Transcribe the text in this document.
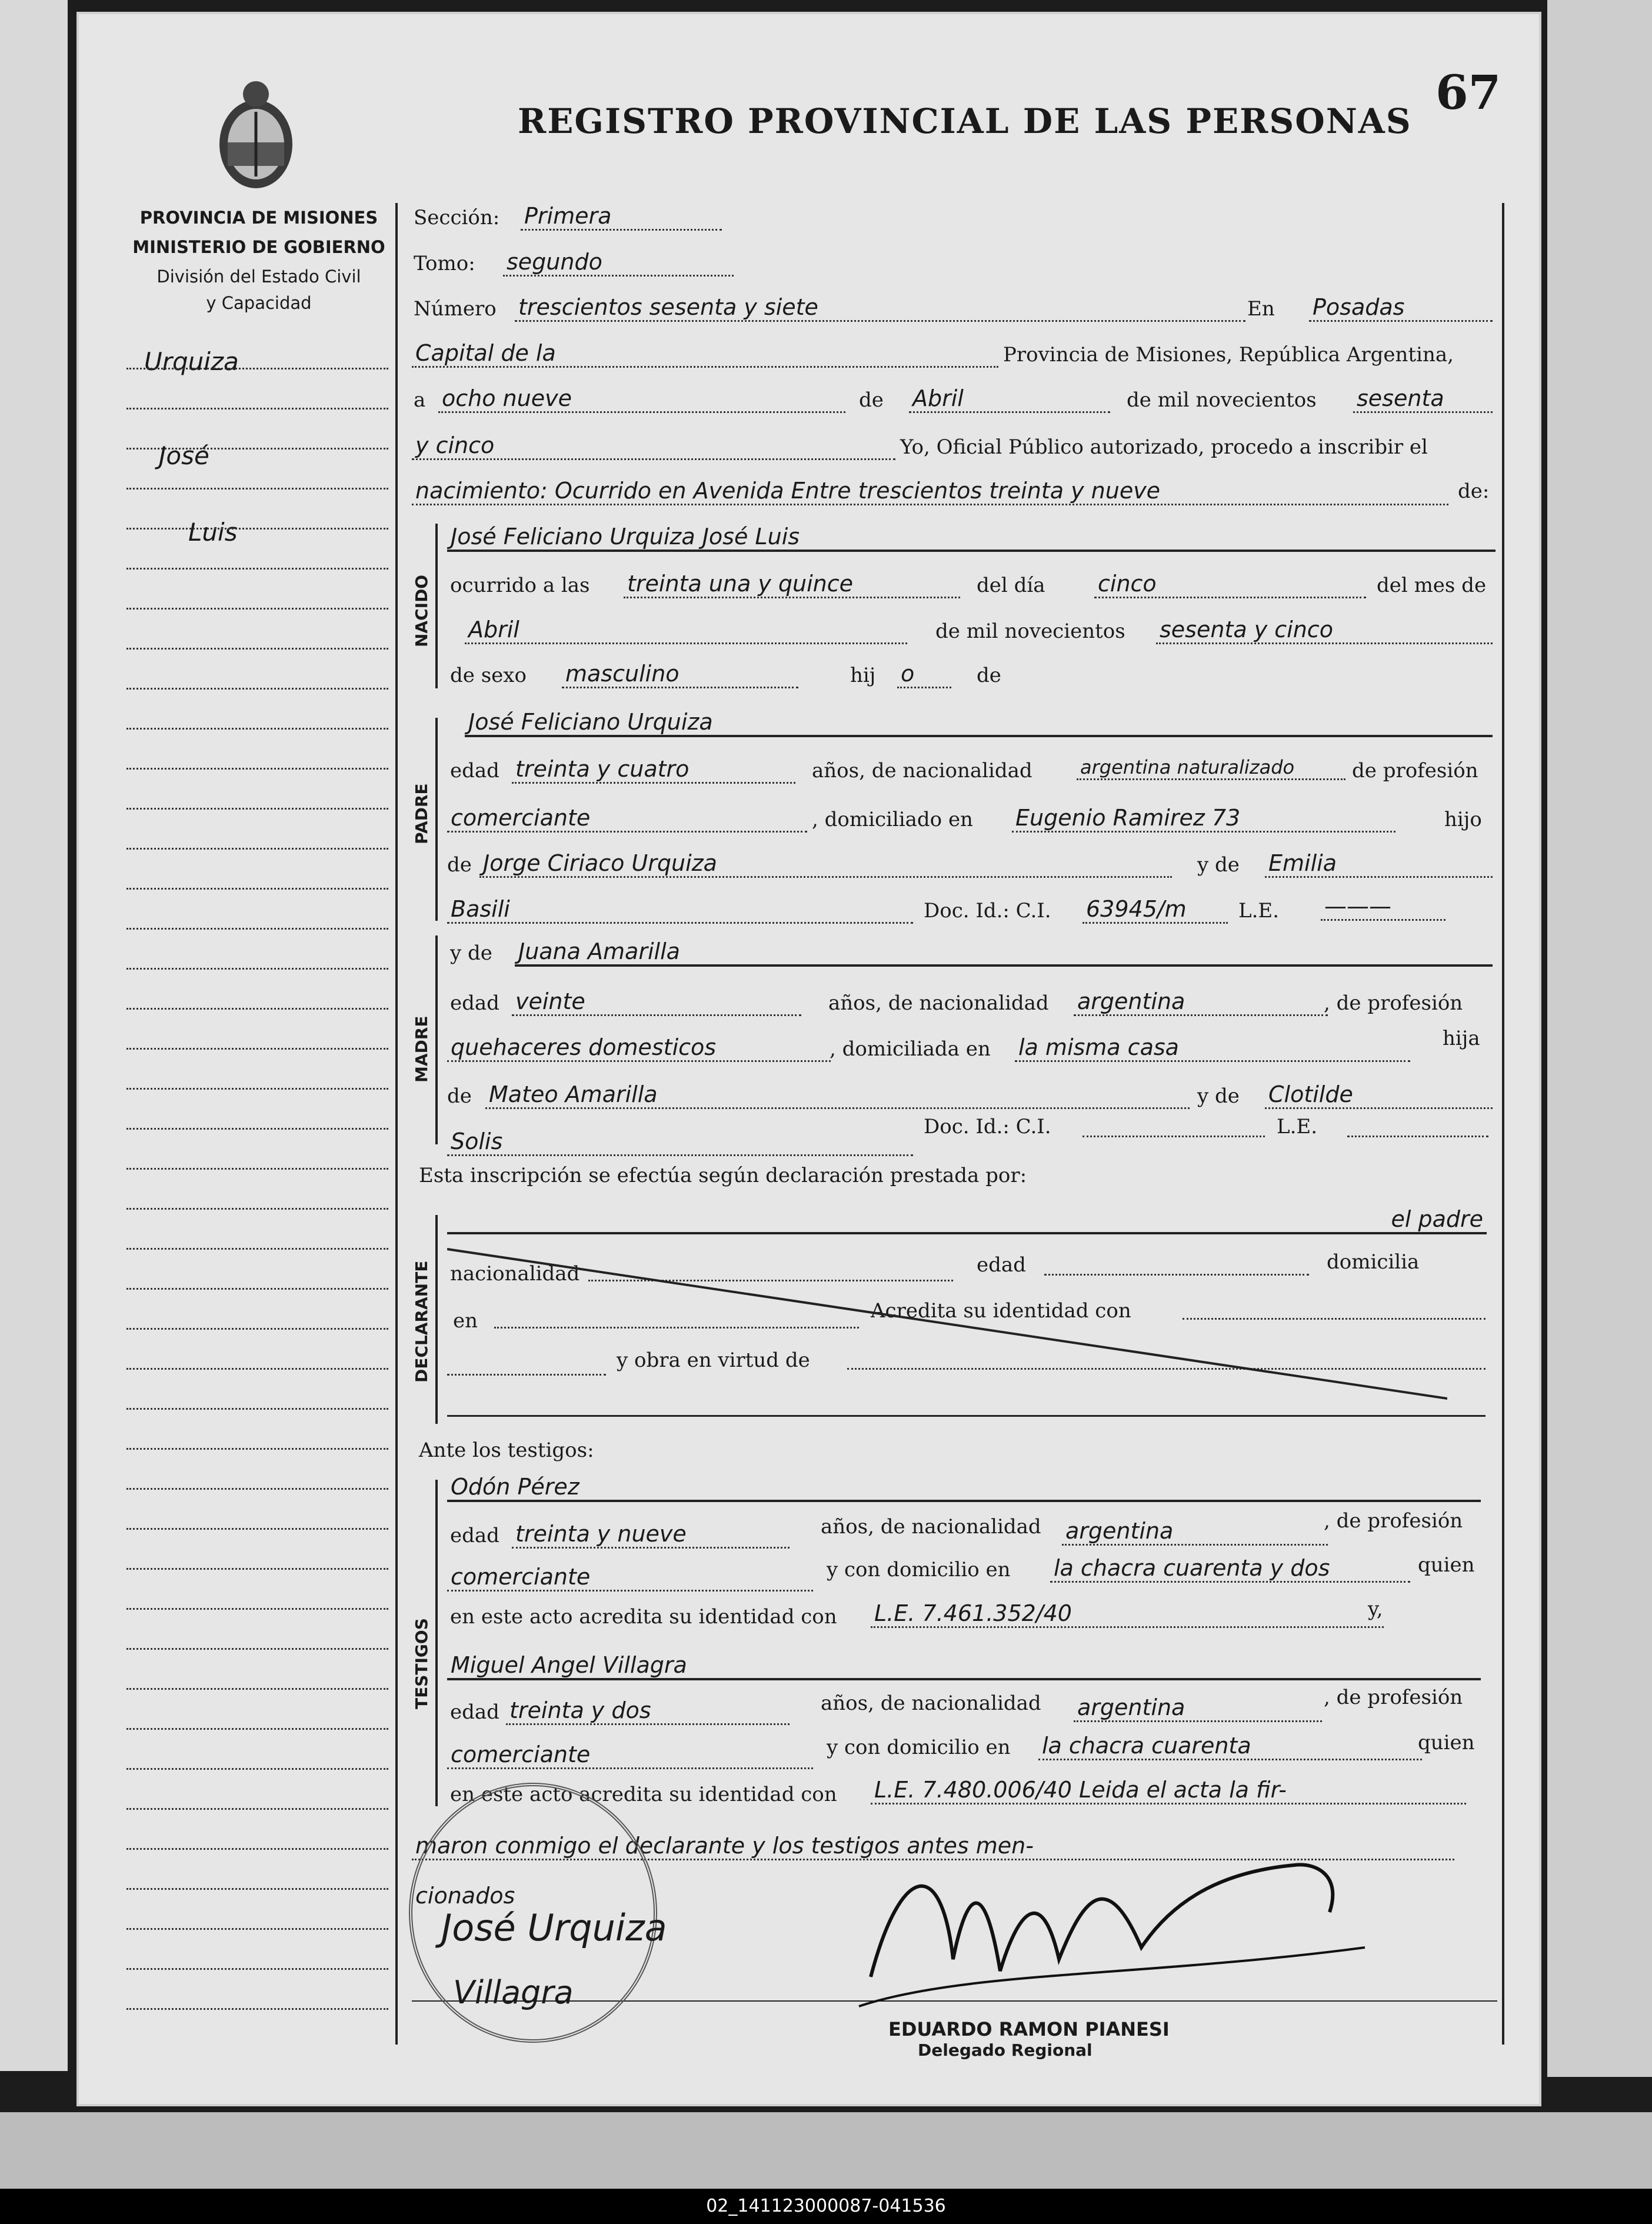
REGISTRO PROVINCIAL DE LAS PERSONAS
67
PROVINCIA DE MISIONES
MINISTERIO DE GOBIERNO
División del Estado Civil
y Capacidad
Urquiza
José
Luis
NACIDO
PADRE
MADRE
DECLARANTE
TESTIGOS
Sección: Primera
Tomo: segundo
Número trescientos sesenta y siete	En Posadas
Capital de la	Provincia de Misiones, República Argentina,
a ocho nueve	de Abril	de mil novecientos sesenta
y cinco	Yo, Oficial Público autorizado, procedo a inscribir el
nacimiento: Ocurrido en Avenida Entre trescientos treinta y nueve	de:
José Feliciano Urquiza José Luis
ocurrido a las treinta una y quince	del día cinco	del mes de
Abril	de mil novecientos sesenta y cinco
de sexo masculino	hij o	de
José Feliciano Urquiza
edad treinta y cuatro	años, de nacionalidad	argentina naturalizado	de profesión
comerciante	, domiciliado en Eugenio Ramirez 73	hijo
de Jorge Ciriaco Urquiza	y de Emilia
Basili	Doc. Id.: C.I. 63945/m	L.E. ———
y de Juana Amarilla
edad veinte	años, de nacionalidad argentina	, de profesión
quehaceres domesticos	, domiciliada en la misma casa	hija
de Mateo Amarilla	y de Clotilde
Solis
Doc. Id.: C.I.	L.E.
Esta inscripción se efectúa según declaración prestada por:
el padre
nacionalidad	edad	domicilia
en	Acredita su identidad con
y obra en virtud de
Ante los testigos:
Odón Pérez
edad treinta y nueve	años, de nacionalidad argentina	, de profesión
comerciante	y con domicilio en la chacra cuarenta y dos	quien
en este acto acredita su identidad con L.E. 7.461.352/40	y,
Miguel Angel Villagra
edad treinta y dos	años, de nacionalidad argentina	, de profesión
comerciante	y con domicilio en la chacra cuarenta	quien
en este acto acredita su identidad con L.E. 7.480.006/40 Leida el acta la fir-
maron conmigo el declarante y los testigos antes men-
cionados
José Urquiza
Villagra
EDUARDO RAMON PIANESI
Delegado Regional
02_141123000087-041536
